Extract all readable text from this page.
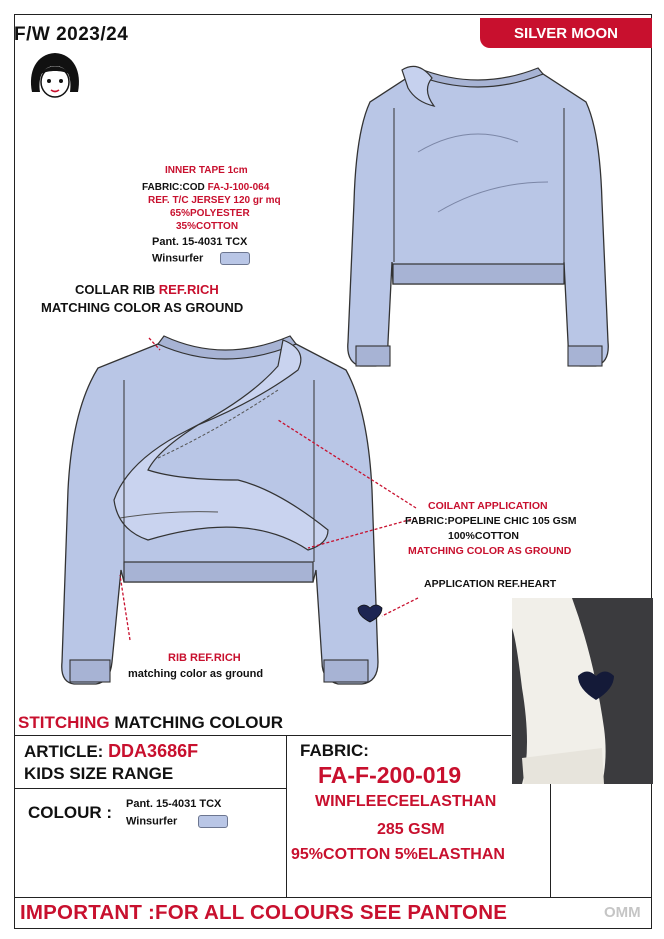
F/W 2023/24	SILVER MOON
INNER TAPE 1cm
FABRIC:COD FA-J-100-064
REF. T/C JERSEY 120 gr mq
65%POLYESTER
35%COTTON
Pant. 15-4031 TCX
Winsurfer
COLLAR RIB REF.RICH
MATCHING COLOR AS GROUND
COILANT APPLICATION
FABRIC:POPELINE CHIC 105 GSM
100%COTTON
MATCHING COLOR AS GROUND
APPLICATION REF.HEART
RIB REF.RICH
matching color as ground
STITCHING MATCHING COLOUR
ARTICLE: DDA3686F
KIDS SIZE RANGE
COLOUR : Pant. 15-4031 TCX
Winsurfer
FABRIC:
FA-F-200-019
WINFLEECEELASTHAN
285 GSM
95%COTTON 5%ELASTHAN
IMPORTANT :FOR ALL COLOURS SEE PANTONE	OMM
